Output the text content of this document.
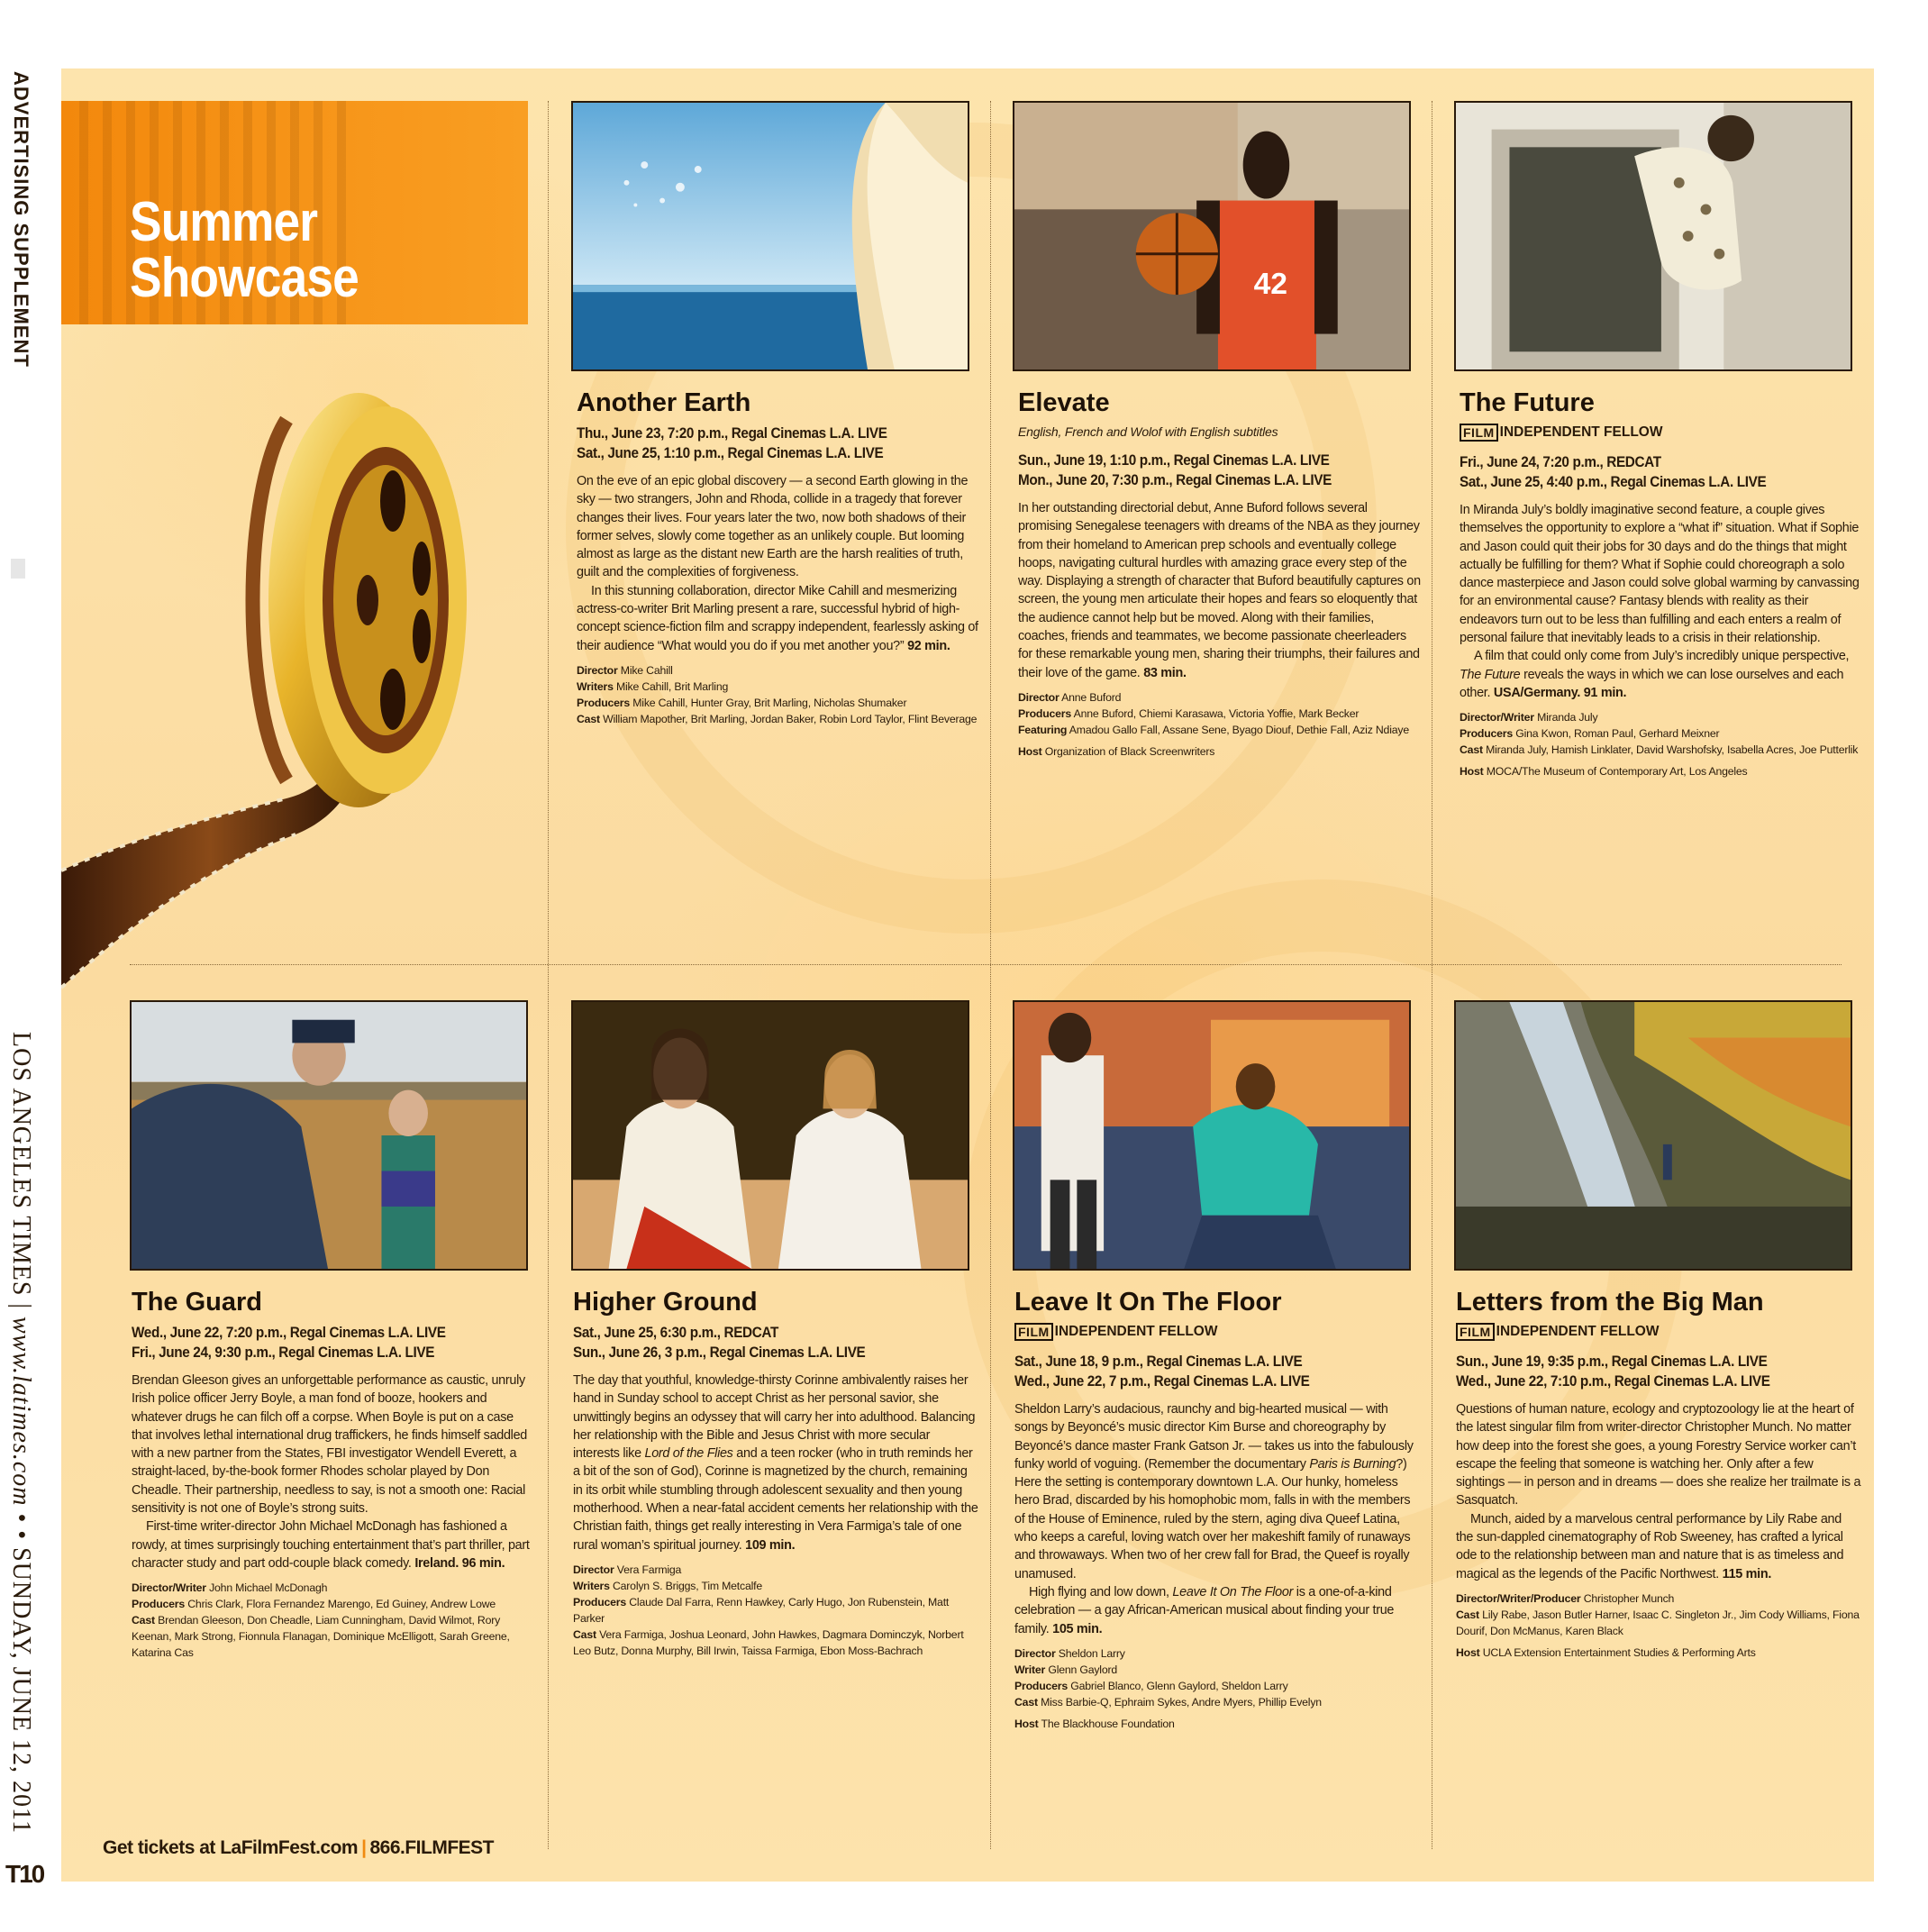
ADVERTISING SUPPLEMENT
LOS ANGELES TIMES | www.latimes.com • • SUNDAY, JUNE 12, 2011
T10
Summer
Showcase	42
Another Earth
Thu., June 23, 7:20 p.m., Regal Cinemas L.A. LIVE
Sat., June 25, 1:10 p.m., Regal Cinemas L.A. LIVE

On the eve of an epic global discovery — a second Earth glowing in the sky — two strangers, John and Rhoda, collide in a tragedy that forever changes their lives. Four years later the two, now both shadows of their former selves, slowly come together as an unlikely couple. But looming almost as large as the distant new Earth are the harsh realities of truth, guilt and the complexities of forgiveness.

In this stunning collaboration, director Mike Cahill and mesmerizing actress-co-writer Brit Marling present a rare, successful hybrid of high-concept science-fiction film and scrappy independent, fearlessly asking of their audience “What would you do if you met another you?” 92 min.

Director Mike Cahill
Writers Mike Cahill, Brit Marling
Producers Mike Cahill, Hunter Gray, Brit Marling, Nicholas Shumaker
Cast William Mapother, Brit Marling, Jordan Baker, Robin Lord Taylor, Flint Beverage
Elevate
English, French and Wolof with English subtitles
Sun., June 19, 1:10 p.m., Regal Cinemas L.A. LIVE
Mon., June 20, 7:30 p.m., Regal Cinemas L.A. LIVE

In her outstanding directorial debut, Anne Buford follows several promising Senegalese teenagers with dreams of the NBA as they journey from their homeland to American prep schools and eventually college hoops, navigating cultural hurdles with amazing grace every step of the way. Displaying a strength of character that Buford beautifully captures on screen, the young men articulate their hopes and fears so eloquently that the audience cannot help but be moved. Along with their families, coaches, friends and teammates, we become passionate cheerleaders for these remarkable young men, sharing their triumphs, their failures and their love of the game. 83 min.

Director Anne Buford
Producers Anne Buford, Chiemi Karasawa, Victoria Yoffie, Mark Becker
Featuring Amadou Gallo Fall, Assane Sene, Byago Diouf, Dethie Fall, Aziz Ndiaye
Host Organization of Black Screenwriters
The Future
FILM INDEPENDENT FELLOW
Fri., June 24, 7:20 p.m., REDCAT
Sat., June 25, 4:40 p.m., Regal Cinemas L.A. LIVE

In Miranda July’s boldly imaginative second feature, a couple gives themselves the opportunity to explore a “what if” situation. What if Sophie and Jason could quit their jobs for 30 days and do the things that might actually be fulfilling for them? What if Sophie could choreograph a solo dance masterpiece and Jason could solve global warming by canvassing for an environmental cause? Fantasy blends with reality as their endeavors turn out to be less than fulfilling and each enters a realm of personal failure that inevitably leads to a crisis in their relationship.

A film that could only come from July’s incredibly unique perspective, The Future reveals the ways in which we can lose ourselves and each other. USA/Germany. 91 min.

Director/Writer Miranda July
Producers Gina Kwon, Roman Paul, Gerhard Meixner
Cast Miranda July, Hamish Linklater, David Warshofsky, Isabella Acres, Joe Putterlik
Host MOCA/The Museum of Contemporary Art, Los Angeles
The Guard
Wed., June 22, 7:20 p.m., Regal Cinemas L.A. LIVE
Fri., June 24, 9:30 p.m., Regal Cinemas L.A. LIVE

Brendan Gleeson gives an unforgettable performance as caustic, unruly Irish police officer Jerry Boyle, a man fond of booze, hookers and whatever drugs he can filch off a corpse. When Boyle is put on a case that involves lethal international drug traffickers, he finds himself saddled with a new partner from the States, FBI investigator Wendell Everett, a straight-laced, by-the-book former Rhodes scholar played by Don Cheadle. Their partnership, needless to say, is not a smooth one: Racial sensitivity is not one of Boyle’s strong suits.

First-time writer-director John Michael McDonagh has fashioned a rowdy, at times surprisingly touching entertainment that’s part thriller, part character study and part odd-couple black comedy. Ireland. 96 min.

Director/Writer John Michael McDonagh
Producers Chris Clark, Flora Fernandez Marengo, Ed Guiney, Andrew Lowe
Cast Brendan Gleeson, Don Cheadle, Liam Cunningham, David Wilmot, Rory Keenan, Mark Strong, Fionnula Flanagan, Dominique McElligott, Sarah Greene, Katarina Cas
Higher Ground
Sat., June 25, 6:30 p.m., REDCAT
Sun., June 26, 3 p.m., Regal Cinemas L.A. LIVE

The day that youthful, knowledge-thirsty Corinne ambivalently raises her hand in Sunday school to accept Christ as her personal savior, she unwittingly begins an odyssey that will carry her into adulthood. Balancing her relationship with the Bible and Jesus Christ with more secular interests like Lord of the Flies and a teen rocker (who in truth reminds her a bit of the son of God), Corinne is magnetized by the church, remaining in its orbit while stumbling through adolescent sexuality and then young motherhood. When a near-fatal accident cements her relationship with the Christian faith, things get really interesting in Vera Farmiga’s tale of one rural woman’s spiritual journey. 109 min.

Director Vera Farmiga
Writers Carolyn S. Briggs, Tim Metcalfe
Producers Claude Dal Farra, Renn Hawkey, Carly Hugo, Jon Rubenstein, Matt Parker
Cast Vera Farmiga, Joshua Leonard, John Hawkes, Dagmara Dominczyk, Norbert Leo Butz, Donna Murphy, Bill Irwin, Taissa Farmiga, Ebon Moss-Bachrach
Leave It On The Floor
FILM INDEPENDENT FELLOW
Sat., June 18, 9 p.m., Regal Cinemas L.A. LIVE
Wed., June 22, 7 p.m., Regal Cinemas L.A. LIVE

Sheldon Larry’s audacious, raunchy and big-hearted musical — with songs by Beyoncé’s music director Kim Burse and choreography by Beyoncé’s dance master Frank Gatson Jr. — takes us into the fabulously funky world of voguing. (Remember the documentary Paris is Burning?) Here the setting is contemporary downtown L.A. Our hunky, homeless hero Brad, discarded by his homophobic mom, falls in with the members of the House of Eminence, ruled by the stern, aging diva Queef Latina, who keeps a careful, loving watch over her makeshift family of runaways and throwaways. When two of her crew fall for Brad, the Queef is royally unamused.

High flying and low down, Leave It On The Floor is a one-of-a-kind celebration — a gay African-American musical about finding your true family. 105 min.

Director Sheldon Larry
Writer Glenn Gaylord
Producers Gabriel Blanco, Glenn Gaylord, Sheldon Larry
Cast Miss Barbie-Q, Ephraim Sykes, Andre Myers, Phillip Evelyn
Host The Blackhouse Foundation
Letters from the Big Man
FILM INDEPENDENT FELLOW
Sun., June 19, 9:35 p.m., Regal Cinemas L.A. LIVE
Wed., June 22, 7:10 p.m., Regal Cinemas L.A. LIVE

Questions of human nature, ecology and cryptozoology lie at the heart of the latest singular film from writer-director Christopher Munch. No matter how deep into the forest she goes, a young Forestry Service worker can’t escape the feeling that someone is watching her. Only after a few sightings — in person and in dreams — does she realize her trailmate is a Sasquatch.

Munch, aided by a marvelous central performance by Lily Rabe and the sun-dappled cinematography of Rob Sweeney, has crafted a lyrical ode to the relationship between man and nature that is as timeless and magical as the legends of the Pacific Northwest. 115 min.

Director/Writer/Producer Christopher Munch
Cast Lily Rabe, Jason Butler Harner, Isaac C. Singleton Jr., Jim Cody Williams, Fiona Dourif, Don McManus, Karen Black
Host UCLA Extension Entertainment Studies & Performing Arts
Get tickets at LaFilmFest.com | 866.FILMFEST
